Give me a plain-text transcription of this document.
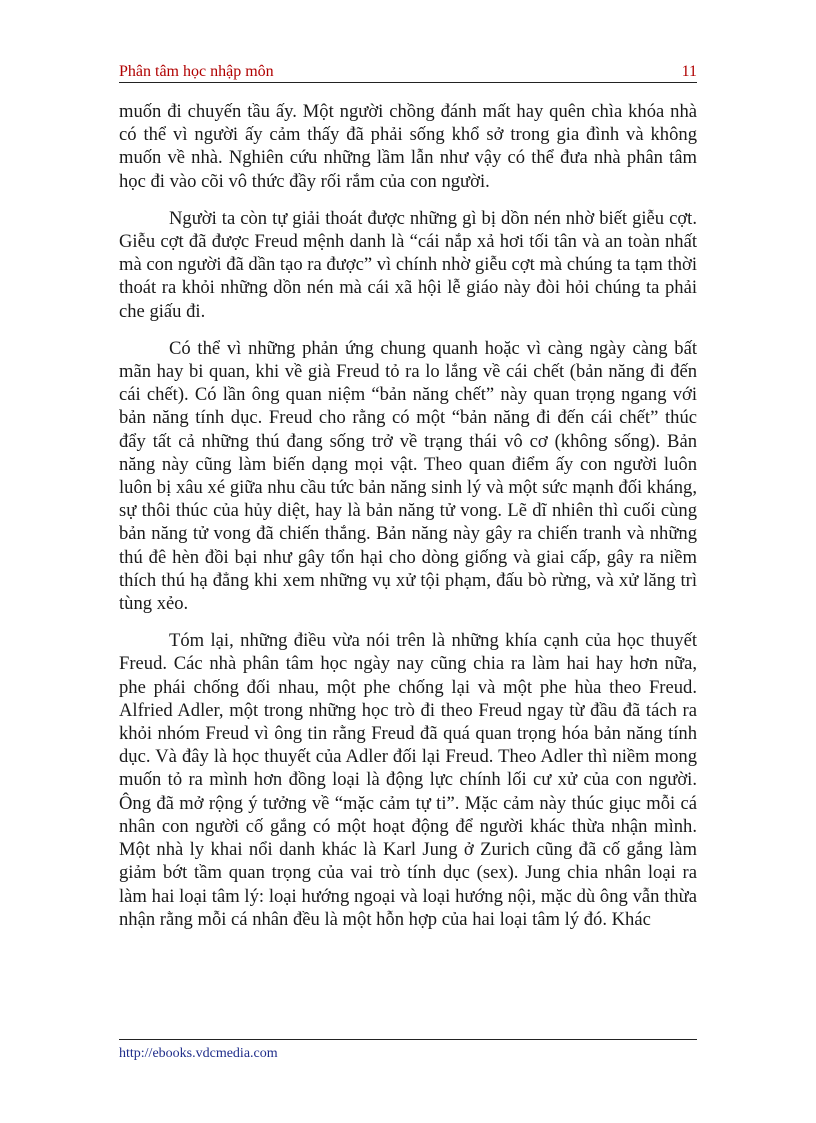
Phân tâm học nhập môn	11

muốn đi chuyến tầu ấy. Một người chồng đánh mất hay quên chìa khóa nhà có thể vì người ấy cảm thấy đã phải sống khổ sở trong gia đình và không muốn về nhà. Nghiên cứu những lầm lẫn như vậy có thể đưa nhà phân tâm học đi vào cõi vô thức đầy rối rắm của con người.

Người ta còn tự giải thoát được những gì bị dồn nén nhờ biết giễu cợt. Giễu cợt đã được Freud mệnh danh là “cái nắp xả hơi tối tân và an toàn nhất mà con người đã dần tạo ra được” vì chính nhờ giễu cợt mà chúng ta tạm thời thoát ra khỏi những dồn nén mà cái xã hội lễ giáo này đòi hỏi chúng ta phải che giấu đi.

Có thể vì những phản ứng chung quanh hoặc vì càng ngày càng bất mãn hay bi quan, khi về già Freud tỏ ra lo lắng về cái chết (bản năng đi đến cái chết). Có lần ông quan niệm “bản năng chết” này quan trọng ngang với bản năng tính dục. Freud cho rằng có một “bản năng đi đến cái chết” thúc đẩy tất cả những thú đang sống trở về trạng thái vô cơ (không sống). Bản năng này cũng làm biến dạng mọi vật. Theo quan điểm ấy con người luôn luôn bị xâu xé giữa nhu cầu tức bản năng sinh lý và một sức mạnh đối kháng, sự thôi thúc của hủy diệt, hay là bản năng tử vong. Lẽ dĩ nhiên thì cuối cùng bản năng tử vong đã chiến thắng. Bản năng này gây ra chiến tranh và những thú đê hèn đồi bại như gây tổn hại cho dòng giống và giai cấp, gây ra niềm thích thú hạ đẳng khi xem những vụ xử tội phạm, đấu bò rừng, và xử lăng trì tùng xẻo.

Tóm lại, những điều vừa nói trên là những khía cạnh của học thuyết Freud. Các nhà phân tâm học ngày nay cũng chia ra làm hai hay hơn nữa, phe phái chống đối nhau, một phe chống lại và một phe hùa theo Freud. Alfried Adler, một trong những học trò đi theo Freud ngay từ đầu đã tách ra khỏi nhóm Freud vì ông tin rằng Freud đã quá quan trọng hóa bản năng tính dục. Và đây là học thuyết của Adler đối lại Freud. Theo Adler thì niềm mong muốn tỏ ra mình hơn đồng loại là động lực chính lối cư xử của con người. Ông đã mở rộng ý tưởng về “mặc cảm tự ti”. Mặc cảm này thúc giục mỗi cá nhân con người cố gắng có một hoạt động để người khác thừa nhận mình. Một nhà ly khai nổi danh khác là Karl Jung ở Zurich cũng đã cố gắng làm giảm bớt tầm quan trọng của vai trò tính dục (sex). Jung chia nhân loại ra làm hai loại tâm lý: loại hướng ngoại và loại hướng nội, mặc dù ông vẫn thừa nhận rằng mỗi cá nhân đều là một hỗn hợp của hai loại tâm lý đó. Khác

http://ebooks.vdcmedia.com
